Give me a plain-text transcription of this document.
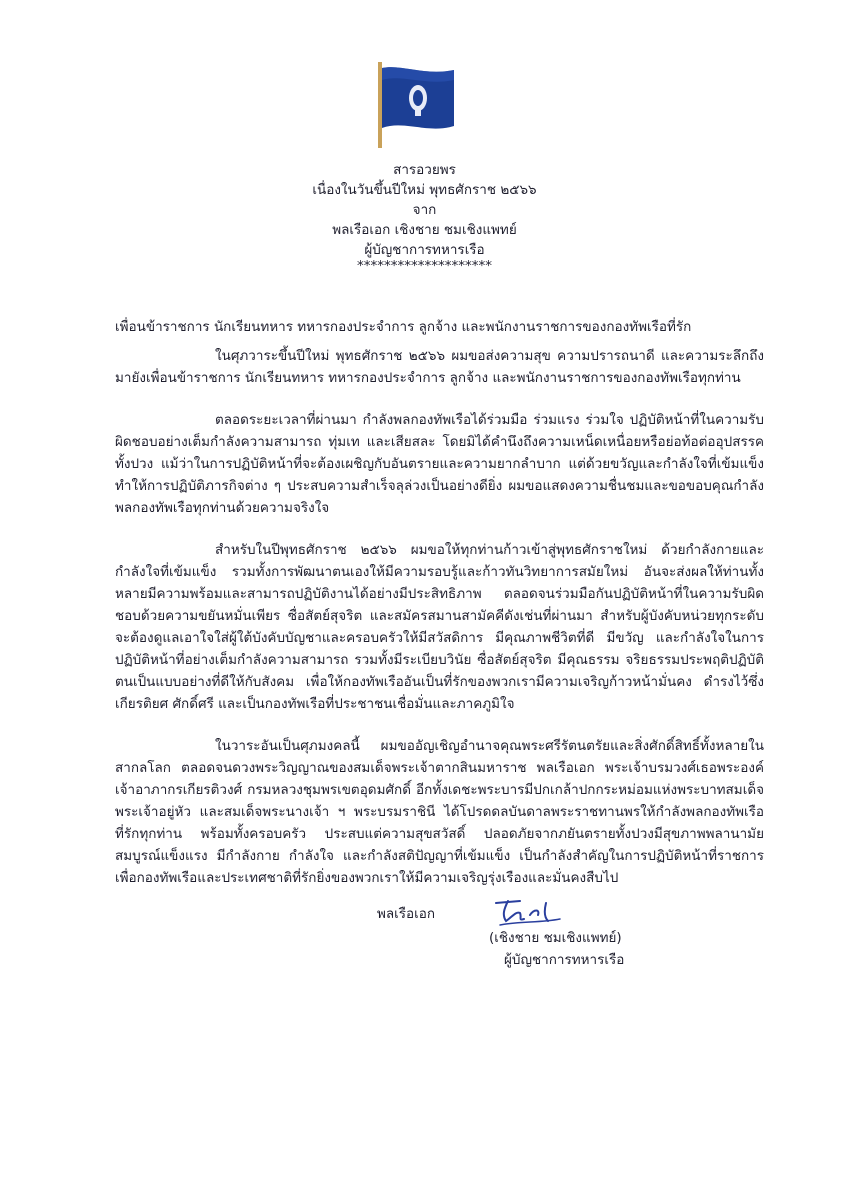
สารอวยพร
เนื่องในวันขึ้นปีใหม่ พุทธศักราช ๒๕๖๖
จาก
พลเรือเอก เชิงชาย ชมเชิงแพทย์
ผู้บัญชาการทหารเรือ
********************
เพื่อนข้าราชการ นักเรียนทหาร ทหารกองประจำการ ลูกจ้าง และพนักงานราชการของกองทัพเรือที่รัก

ในศุภวาระขึ้นปีใหม่ พุทธศักราช ๒๕๖๖ ผมขอส่งความสุข ความปรารถนาดี และความระลึกถึงมายังเพื่อนข้าราชการ นักเรียนทหาร ทหารกองประจำการ ลูกจ้าง และพนักงานราชการของกองทัพเรือทุกท่าน

ตลอดระยะเวลาที่ผ่านมา กำลังพลกองทัพเรือได้ร่วมมือ ร่วมแรง ร่วมใจ ปฏิบัติหน้าที่ในความรับผิดชอบอย่างเต็มกำลังความสามารถ ทุ่มเท และเสียสละ โดยมิได้คำนึงถึงความเหน็ดเหนื่อยหรือย่อท้อต่ออุปสรรคทั้งปวง แม้ว่าในการปฏิบัติหน้าที่จะต้องเผชิญกับอันตรายและความยากลำบาก แต่ด้วยขวัญและกำลังใจที่เข้มแข็ง ทำให้การปฏิบัติภารกิจต่าง ๆ ประสบความสำเร็จลุล่วงเป็นอย่างดียิ่ง ผมขอแสดงความชื่นชมและขอขอบคุณกำลังพลกองทัพเรือทุกท่านด้วยความจริงใจ

สำหรับในปีพุทธศักราช ๒๕๖๖ ผมขอให้ทุกท่านก้าวเข้าสู่พุทธศักราชใหม่ ด้วยกำลังกายและกำลังใจที่เข้มแข็ง รวมทั้งการพัฒนาตนเองให้มีความรอบรู้และก้าวทันวิทยาการสมัยใหม่ อันจะส่งผลให้ท่านทั้งหลายมีความพร้อมและสามารถปฏิบัติงานได้อย่างมีประสิทธิภาพ ตลอดจนร่วมมือกันปฏิบัติหน้าที่ในความรับผิดชอบด้วยความขยันหมั่นเพียร ซื่อสัตย์สุจริต และสมัครสมานสามัคคีดังเช่นที่ผ่านมา สำหรับผู้บังคับหน่วยทุกระดับจะต้องดูแลเอาใจใส่ผู้ใต้บังคับบัญชาและครอบครัวให้มีสวัสดิการ มีคุณภาพชีวิตที่ดี มีขวัญ และกำลังใจในการปฏิบัติหน้าที่อย่างเต็มกำลังความสามารถ รวมทั้งมีระเบียบวินัย ซื่อสัตย์สุจริต มีคุณธรรม จริยธรรมประพฤติปฏิบัติตนเป็นแบบอย่างที่ดีให้กับสังคม เพื่อให้กองทัพเรืออันเป็นที่รักของพวกเรามีความเจริญก้าวหน้ามั่นคง ดำรงไว้ซึ่งเกียรติยศ ศักดิ์ศรี และเป็นกองทัพเรือที่ประชาชนเชื่อมั่นและภาคภูมิใจ

ในวาระอันเป็นศุภมงคลนี้ ผมขออัญเชิญอำนาจคุณพระศรีรัตนตรัยและสิ่งศักดิ์สิทธิ์ทั้งหลายในสากลโลก ตลอดจนดวงพระวิญญาณของสมเด็จพระเจ้าตากสินมหาราช พลเรือเอก พระเจ้าบรมวงศ์เธอพระองค์เจ้าอาภากรเกียรติวงศ์ กรมหลวงชุมพรเขตอุดมศักดิ์ อีกทั้งเดชะพระบารมีปกเกล้าปกกระหม่อมแห่งพระบาทสมเด็จพระเจ้าอยู่หัว และสมเด็จพระนางเจ้า ฯ พระบรมราชินี ได้โปรดดลบันดาลพระราชทานพรให้กำลังพลกองทัพเรือที่รักทุกท่าน พร้อมทั้งครอบครัว ประสบแต่ความสุขสวัสดิ์ ปลอดภัยจากภยันตรายทั้งปวงมีสุขภาพพลานามัยสมบูรณ์แข็งแรง มีกำลังกาย กำลังใจ และกำลังสติปัญญาที่เข้มแข็ง เป็นกำลังสำคัญในการปฏิบัติหน้าที่ราชการ เพื่อกองทัพเรือและประเทศชาติที่รักยิ่งของพวกเราให้มีความเจริญรุ่งเรืองและมั่นคงสืบไป

พลเรือเอก
(เชิงชาย ชมเชิงแพทย์)
ผู้บัญชาการทหารเรือ
